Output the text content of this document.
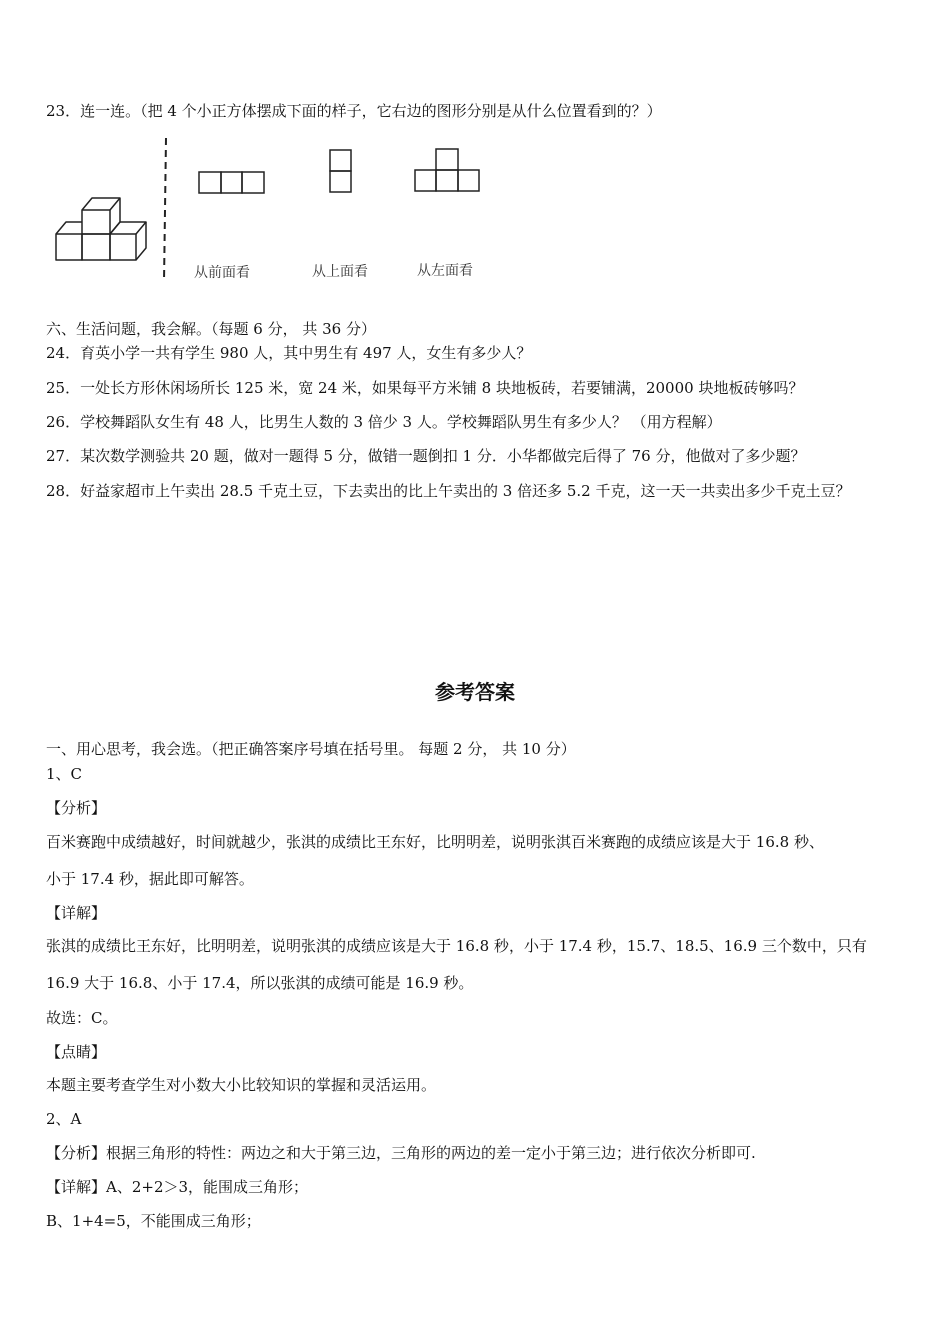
23．连一连。（把 4 个小正方体摆成下面的样子，它右边的图形分别是从什么位置看到的？）
从前面看	从上面看	从左面看
六、生活问题，我会解。（每题 6 分， 共 36 分）
24．育英小学一共有学生 980 人，其中男生有 497 人，女生有多少人？
25．一处长方形休闲场所长 125 米，宽 24 米，如果每平方米铺 8 块地板砖，若要铺满，20000 块地板砖够吗？
26．学校舞蹈队女生有 48 人，比男生人数的 3 倍少 3 人。学校舞蹈队男生有多少人？ （用方程解）
27．某次数学测验共 20 题，做对一题得 5 分，做错一题倒扣 1 分．小华都做完后得了 76 分，他做对了多少题？
28．好益家超市上午卖出 28.5 千克土豆，下去卖出的比上午卖出的 3 倍还多 5.2 千克，这一天一共卖出多少千克土豆？
参考答案
一、用心思考，我会选。（把正确答案序号填在括号里。 每题 2 分， 共 10 分）
1、C
【分析】
百米赛跑中成绩越好，时间就越少，张淇的成绩比王东好，比明明差，说明张淇百米赛跑的成绩应该是大于 16.8 秒、
小于 17.4 秒，据此即可解答。
【详解】
张淇的成绩比王东好，比明明差，说明张淇的成绩应该是大于 16.8 秒，小于 17.4 秒，15.7、18.5、16.9 三个数中，只有
16.9 大于 16.8、小于 17.4，所以张淇的成绩可能是 16.9 秒。
故选：C。
【点睛】
本题主要考查学生对小数大小比较知识的掌握和灵活运用。
2、A
【分析】根据三角形的特性：两边之和大于第三边，三角形的两边的差一定小于第三边；进行依次分析即可.
【详解】A、2+2＞3，能围成三角形；
B、1+4=5，不能围成三角形；
